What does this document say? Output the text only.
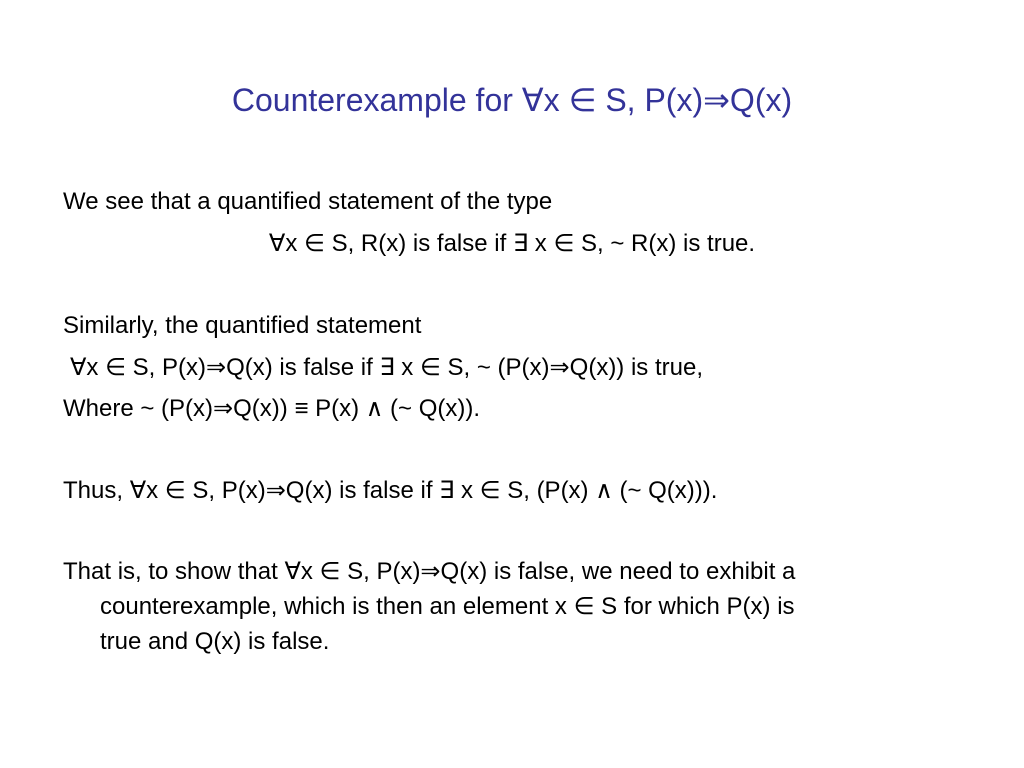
Counterexample for ∀x ∈ S, P(x)⇒Q(x)
We see that a quantified statement of the type
∀x ∈ S, R(x) is false if ∃ x ∈ S, ~ R(x) is true.
Similarly, the quantified statement
∀x ∈ S, P(x)⇒Q(x) is false if ∃ x ∈ S, ~ (P(x)⇒Q(x)) is true,
Where ~ (P(x)⇒Q(x)) ≡ P(x) ∧ (~ Q(x)).
Thus, ∀x ∈ S, P(x)⇒Q(x) is false if ∃ x ∈ S, (P(x) ∧ (~ Q(x))).
That is, to show that ∀x ∈ S, P(x)⇒Q(x) is false, we need to exhibit a
counterexample, which is then an element x ∈ S for which P(x) is
true and Q(x) is false.
